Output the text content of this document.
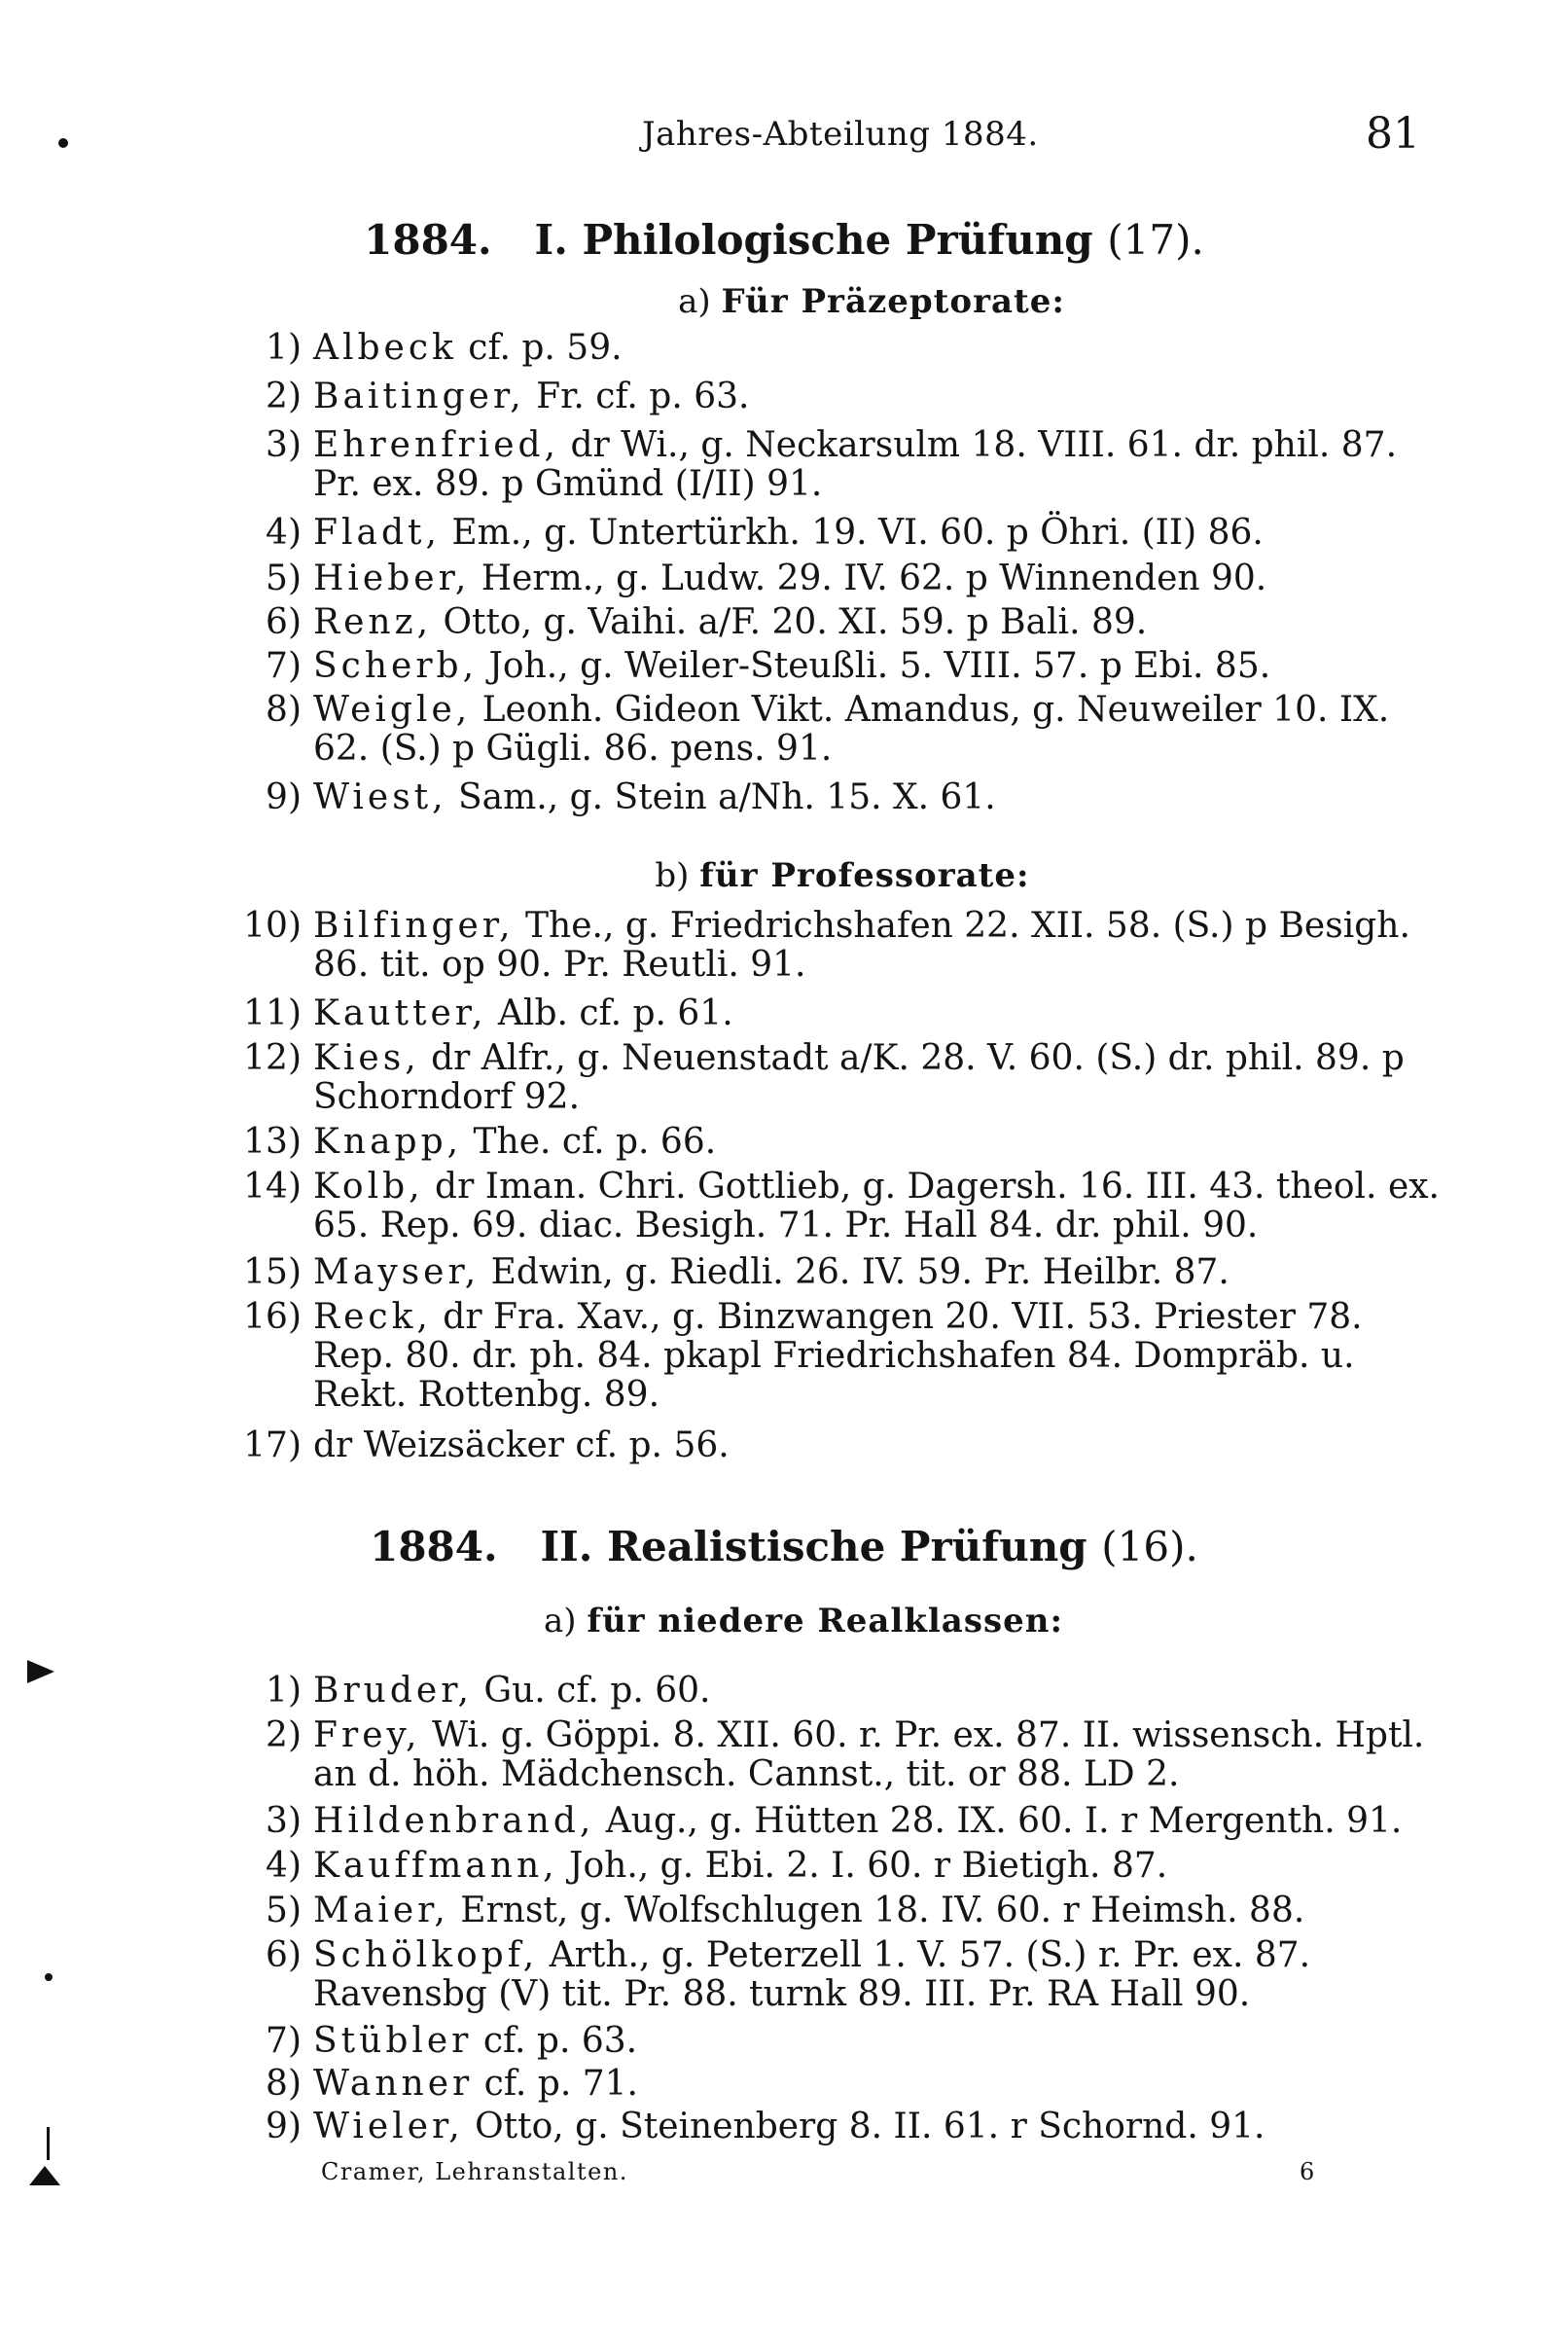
Jahres-Abteilung 1884.	81
1884. I. Philologische Prüfung (17).
a) Für Präzeptorate:
1) Albeck cf. p. 59.
2) Baitinger, Fr. cf. p. 63.
3) Ehrenfried, dr Wi., g. Neckarsulm 18. VIII. 61. dr. phil. 87. Pr. ex. 89. p Gmünd (I/II) 91.
4) Fladt, Em., g. Untertürkh. 19. VI. 60. p Öhri. (II) 86.
5) Hieber, Herm., g. Ludw. 29. IV. 62. p Winnenden 90.
6) Renz, Otto, g. Vaihi. a/F. 20. XI. 59. p Bali. 89.
7) Scherb, Joh., g. Weiler-Steußli. 5. VIII. 57. p Ebi. 85.
8) Weigle, Leonh. Gideon Vikt. Amandus, g. Neuweiler 10. IX. 62. (S.) p Gügli. 86. pens. 91.
9) Wiest, Sam., g. Stein a/Nh. 15. X. 61.
b) für Professorate:
10) Bilfinger, The., g. Friedrichshafen 22. XII. 58. (S.) p Besigh. 86. tit. op 90. Pr. Reutli. 91.
11) Kautter, Alb. cf. p. 61.
12) Kies, dr Alfr., g. Neuenstadt a/K. 28. V. 60. (S.) dr. phil. 89. p Schorndorf 92.
13) Knapp, The. cf. p. 66.
14) Kolb, dr Iman. Chri. Gottlieb, g. Dagersh. 16. III. 43. theol. ex. 65. Rep. 69. diac. Besigh. 71. Pr. Hall 84. dr. phil. 90.
15) Mayser, Edwin, g. Riedli. 26. IV. 59. Pr. Heilbr. 87.
16) Reck, dr Fra. Xav., g. Binzwangen 20. VII. 53. Priester 78. Rep. 80. dr. ph. 84. pkapl Friedrichshafen 84. Dompräb. u. Rekt. Rottenbg. 89.
17) dr Weizsäcker cf. p. 56.
1884. II. Realistische Prüfung (16).
a) für niedere Realklassen:
1) Bruder, Gu. cf. p. 60.
2) Frey, Wi. g. Göppi. 8. XII. 60. r. Pr. ex. 87. II. wissensch. Hptl. an d. höh. Mädchensch. Cannst., tit. or 88. LD 2.
3) Hildenbrand, Aug., g. Hütten 28. IX. 60. I. r Mergenth. 91.
4) Kauffmann, Joh., g. Ebi. 2. I. 60. r Bietigh. 87.
5) Maier, Ernst, g. Wolfschlugen 18. IV. 60. r Heimsh. 88.
6) Schölkopf, Arth., g. Peterzell 1. V. 57. (S.) r. Pr. ex. 87. Ravensbg (V) tit. Pr. 88. turnk 89. III. Pr. RA Hall 90.
7) Stübler cf. p. 63.
8) Wanner cf. p. 71.
9) Wieler, Otto, g. Steinenberg 8. II. 61. r Schornd. 91.
Cramer, Lehranstalten.	6
